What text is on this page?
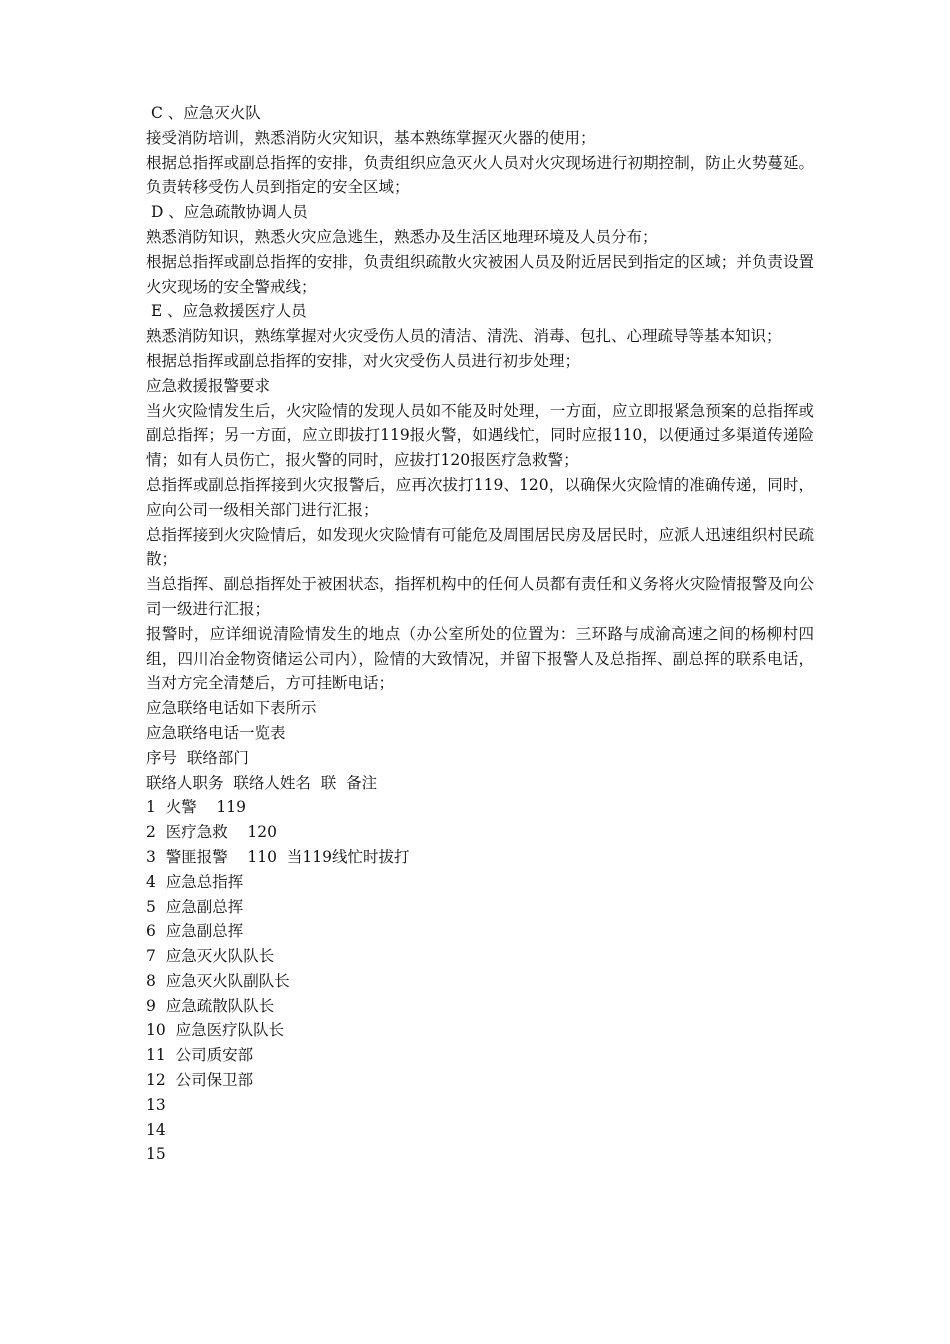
C 、应急灭火队

接受消防培训，熟悉消防火灾知识，基本熟练掌握灭火器的使用；

根据总指挥或副总指挥的安排，负责组织应急灭火人员对火灾现场进行初期控制，防止火势蔓延。负责转移受伤人员到指定的安全区域；

D 、应急疏散协调人员

熟悉消防知识，熟悉火灾应急逃生，熟悉办及生活区地理环境及人员分布；

根据总指挥或副总指挥的安排，负责组织疏散火灾被困人员及附近居民到指定的区域；并负责设置火灾现场的安全警戒线；

E 、应急救援医疗人员

熟悉消防知识，熟练掌握对火灾受伤人员的清洁、清洗、消毒、包扎、心理疏导等基本知识；

根据总指挥或副总指挥的安排，对火灾受伤人员进行初步处理；

应急救援报警要求

当火灾险情发生后，火灾险情的发现人员如不能及时处理，一方面，应立即报紧急预案的总指挥或副总指挥；另一方面，应立即拔打119报火警，如遇线忙，同时应报110，以便通过多渠道传递险情；如有人员伤亡，报火警的同时，应拔打120报医疗急救警；

总指挥或副总指挥接到火灾报警后，应再次拔打119、120，以确保火灾险情的准确传递，同时，应向公司一级相关部门进行汇报；

总指挥接到火灾险情后，如发现火灾险情有可能危及周围居民房及居民时，应派人迅速组织村民疏散；

当总指挥、副总指挥处于被困状态，指挥机构中的任何人员都有责任和义务将火灾险情报警及向公司一级进行汇报；

报警时，应详细说清险情发生的地点（办公室所处的位置为：三环路与成渝高速之间的杨柳村四组，四川冶金物资储运公司内），险情的大致情况，并留下报警人及总指挥、副总挥的联系电话，当对方完全清楚后，方可挂断电话；

应急联络电话如下表所示

应急联络电话一览表

序号  联络部门

联络人职务  联络人姓名  联  备注

1  火警    119

2  医疗急救    120

3  警匪报警    110  当119线忙时拔打

4  应急总指挥

5  应急副总挥

6  应急副总挥

7  应急灭火队队长

8  应急灭火队副队长

9  应急疏散队队长

10  应急医疗队队长

11  公司质安部

12  公司保卫部

13

14

15
